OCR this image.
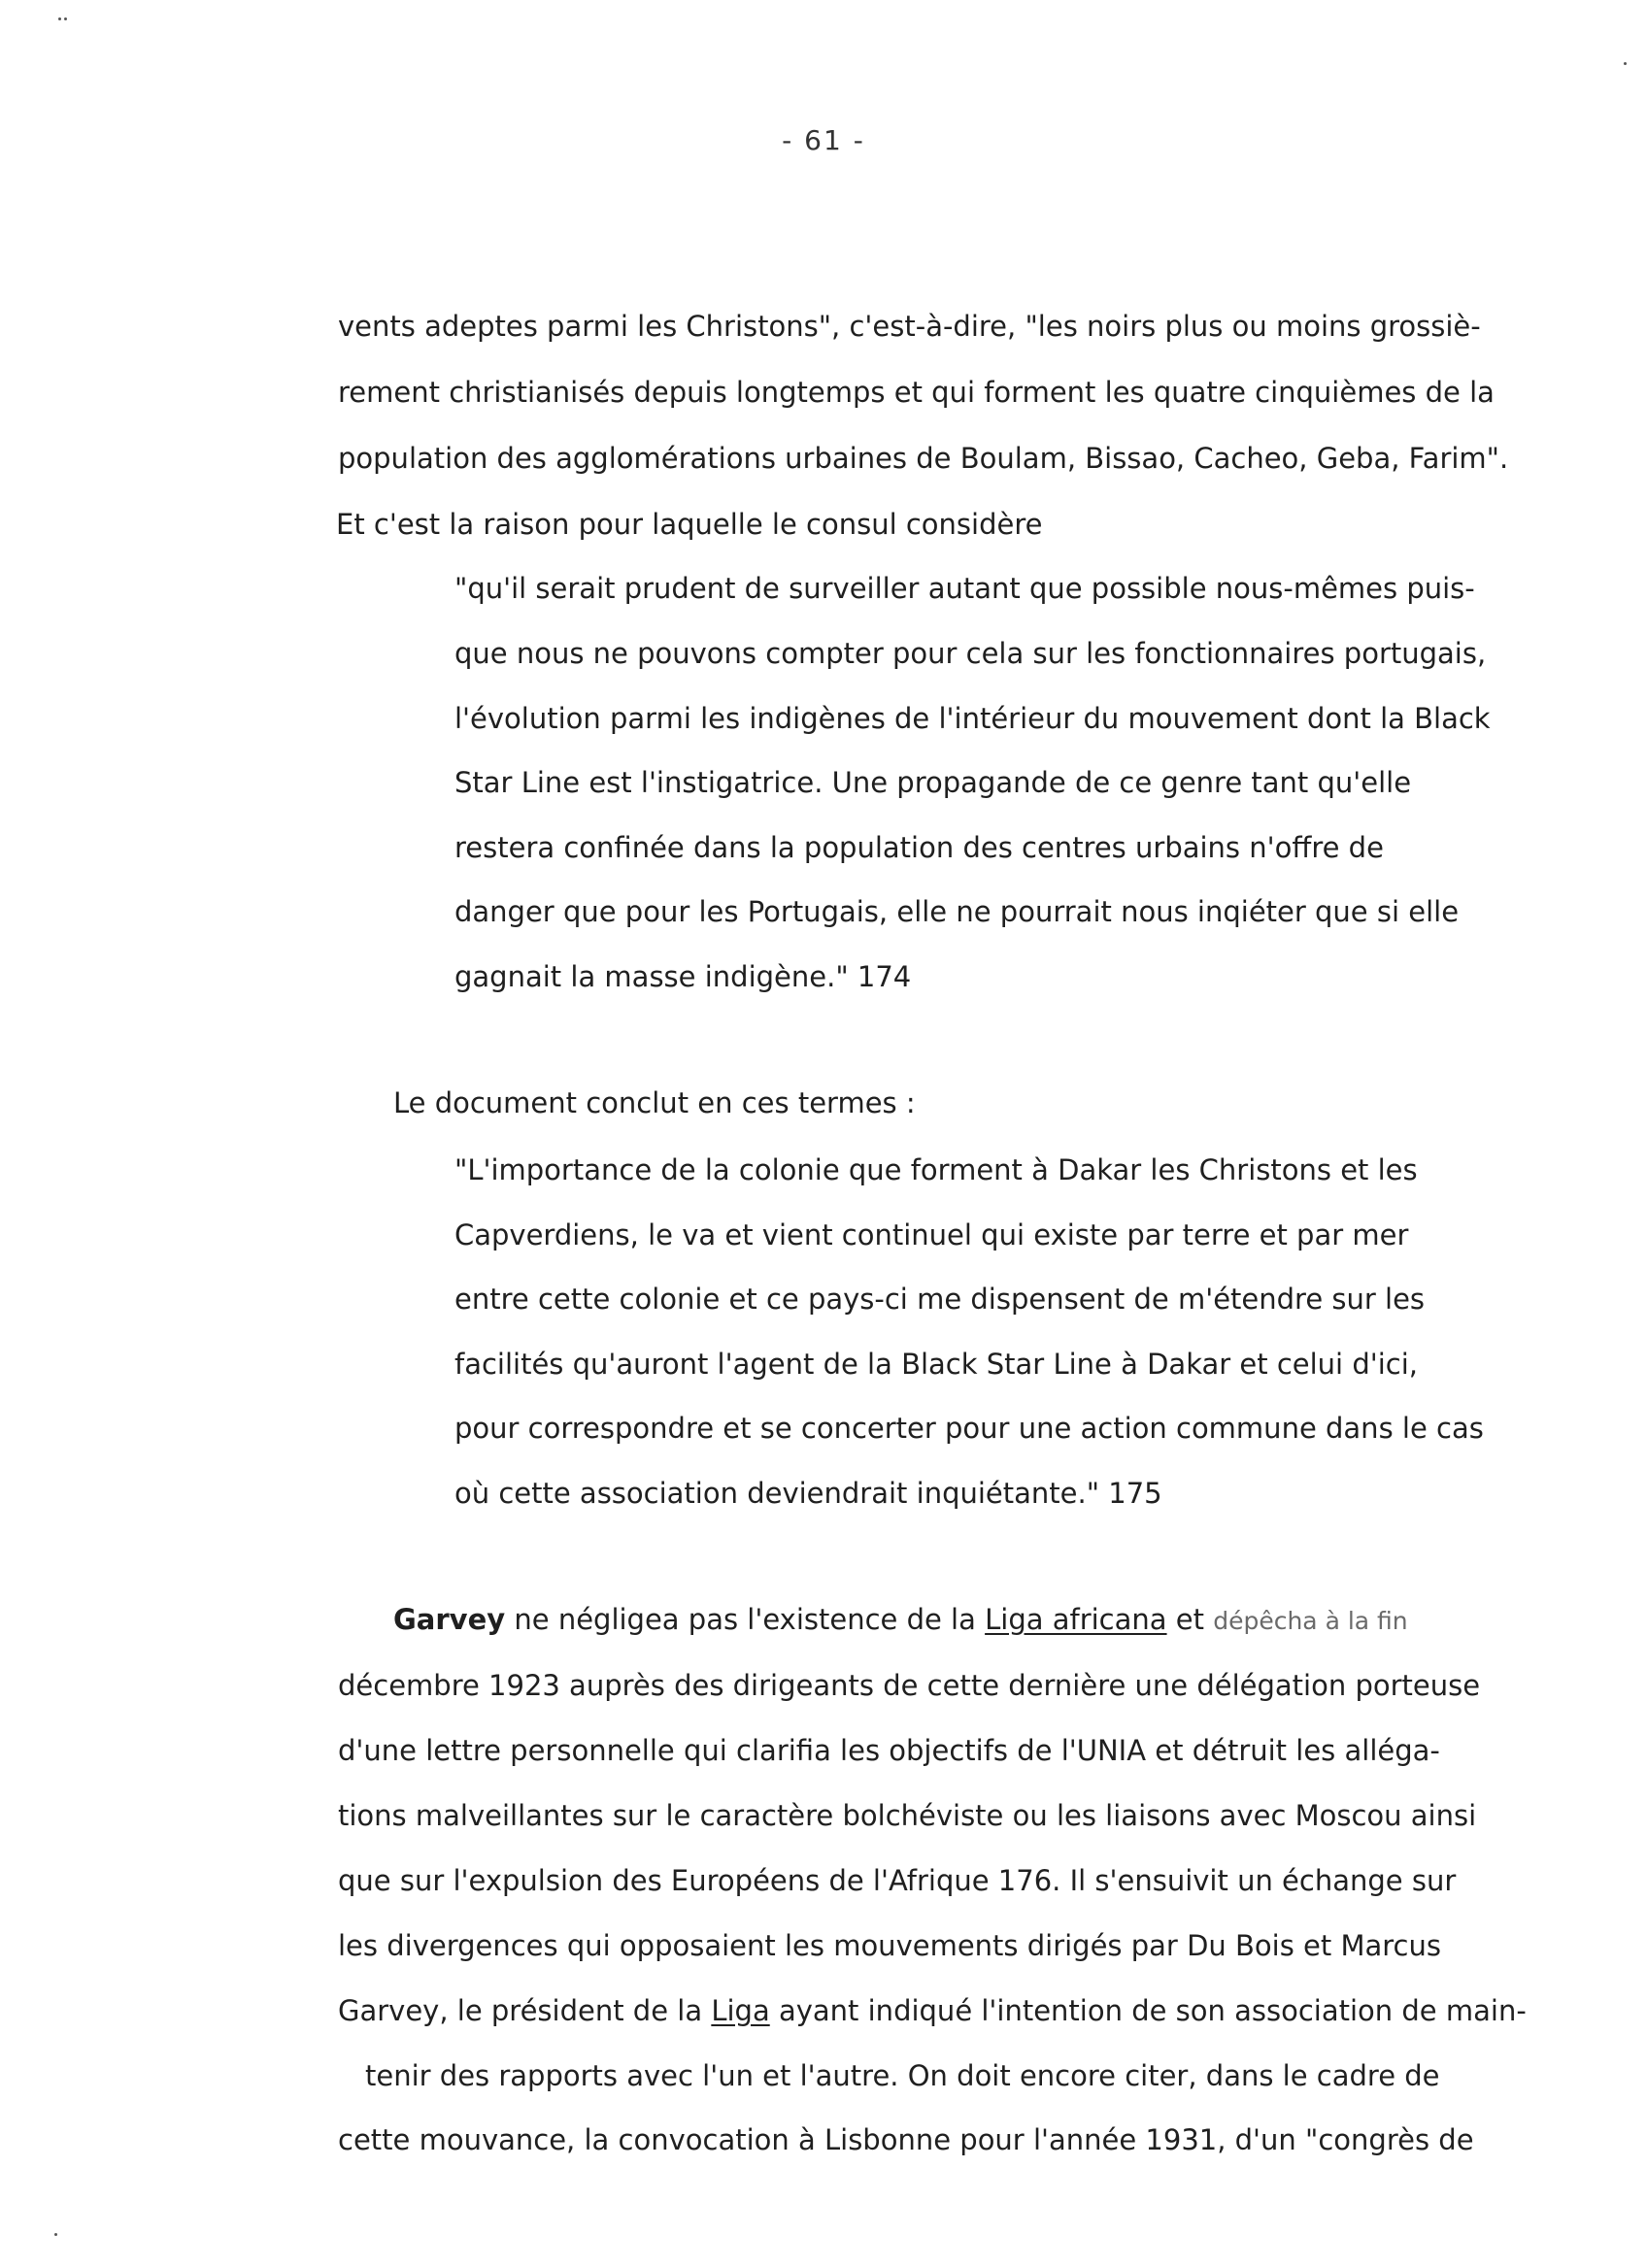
- 61 -
vents adeptes parmi les Christons", c'est-à-dire, "les noirs plus ou moins grossiè-
rement christianisés depuis longtemps et qui forment les quatre cinquièmes de la
population des agglomérations urbaines de Boulam, Bissao, Cacheo, Geba, Farim".
Et c'est la raison pour laquelle le consul considère
"qu'il serait prudent de surveiller autant que possible nous-mêmes puis-
que nous ne pouvons compter pour cela sur les fonctionnaires portugais,
l'évolution parmi les indigènes de l'intérieur du mouvement dont la Black
Star Line est l'instigatrice. Une propagande de ce genre tant qu'elle
restera confinée dans la population des centres urbains n'offre de
danger que pour les Portugais, elle ne pourrait nous inqiéter que si elle
gagnait la masse indigène." 174
Le document conclut en ces termes :
"L'importance de la colonie que forment à Dakar les Christons et les
Capverdiens, le va et vient continuel qui existe par terre et par mer
entre cette colonie et ce pays-ci me dispensent de m'étendre sur les
facilités qu'auront l'agent de la Black Star Line à Dakar et celui d'ici,
pour correspondre et se concerter pour une action commune dans le cas
où cette association deviendrait inquiétante." 175
Garvey ne négligea pas l'existence de la Liga africana et dépêcha à la fin
décembre 1923 auprès des dirigeants de cette dernière une délégation porteuse
d'une lettre personnelle qui clarifia les objectifs de l'UNIA et détruit les alléga-
tions malveillantes sur le caractère bolchéviste ou les liaisons avec Moscou ainsi
que sur l'expulsion des Européens de l'Afrique 176. Il s'ensuivit un échange sur
les divergences qui opposaient les mouvements dirigés par Du Bois et Marcus
Garvey, le président de la Liga ayant indiqué l'intention de son association de main-
tenir des rapports avec l'un et l'autre. On doit encore citer, dans le cadre de
cette mouvance, la convocation à Lisbonne pour l'année 1931, d'un "congrès de
